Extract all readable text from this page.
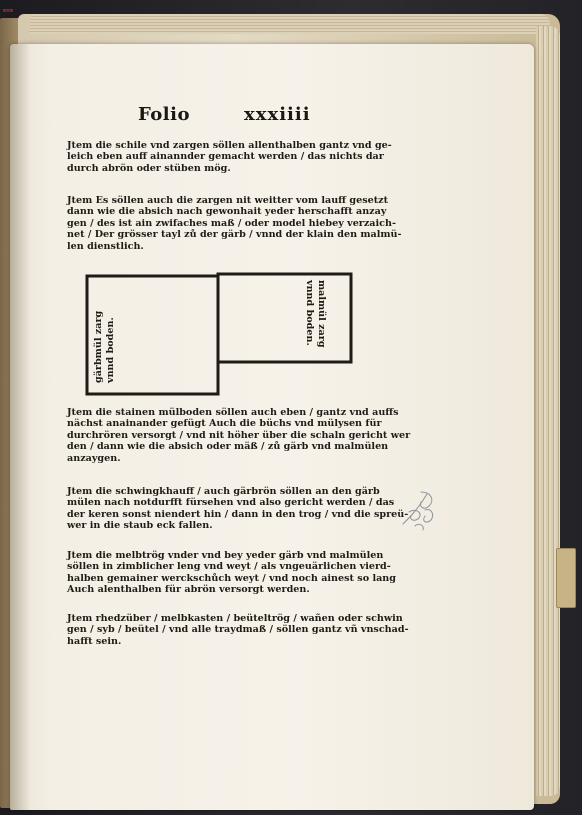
mmm
Folio	xxxiiii

Jtem die schile vnd zargen söllen allenthalben gantz vnd ge-
leich eben auff ainannder gemacht werden / das nichts dar
durch abrön oder stüben mög.

Jtem Es söllen auch die zargen nit weitter vom lauff gesetzt
dann wie die absich nach gewonhait yeder herschafft anzay
gen / des ist ain zwifaches maß / oder model hiebey verzaich-
net / Der grösser tayl zů der gärb / vnnd der klain den malmü-
len dienstlich.

gärbmül zarg
vnnd boden.
malmül zarg
vnnd boden.

Jtem die stainen mülboden söllen auch eben / gantz vnd auffs
nächst anainander gefügt Auch die büchs vnd mülysen für
durchrören versorgt / vnd nit höher über die schaln gericht wer
den / dann wie die absich oder mäß / zů gärb vnd malmülen
anzaygen.

Jtem die schwingkhauff / auch gärbrön söllen an den gärb
mülen nach notdurfft fürsehen vnd also gericht werden / das
der keren sonst niendert hin / dann in den trog / vnd die spreü-
wer in die staub eck fallen.

Jtem die melbtrög vnder vnd bey yeder gärb vnd malmülen
söllen in zimblicher leng vnd weyt / als vngeuärlichen vierd-
halben gemainer werckschůch weyt / vnd noch ainest so lang
Auch alenthalben für abrön versorgt werden.

Jtem rhedzüber / melbkasten / beüteltrög / wañen oder schwin
gen / syb / beütel / vnd alle traydmaß / söllen gantz vñ vnschad-
hafft sein.
